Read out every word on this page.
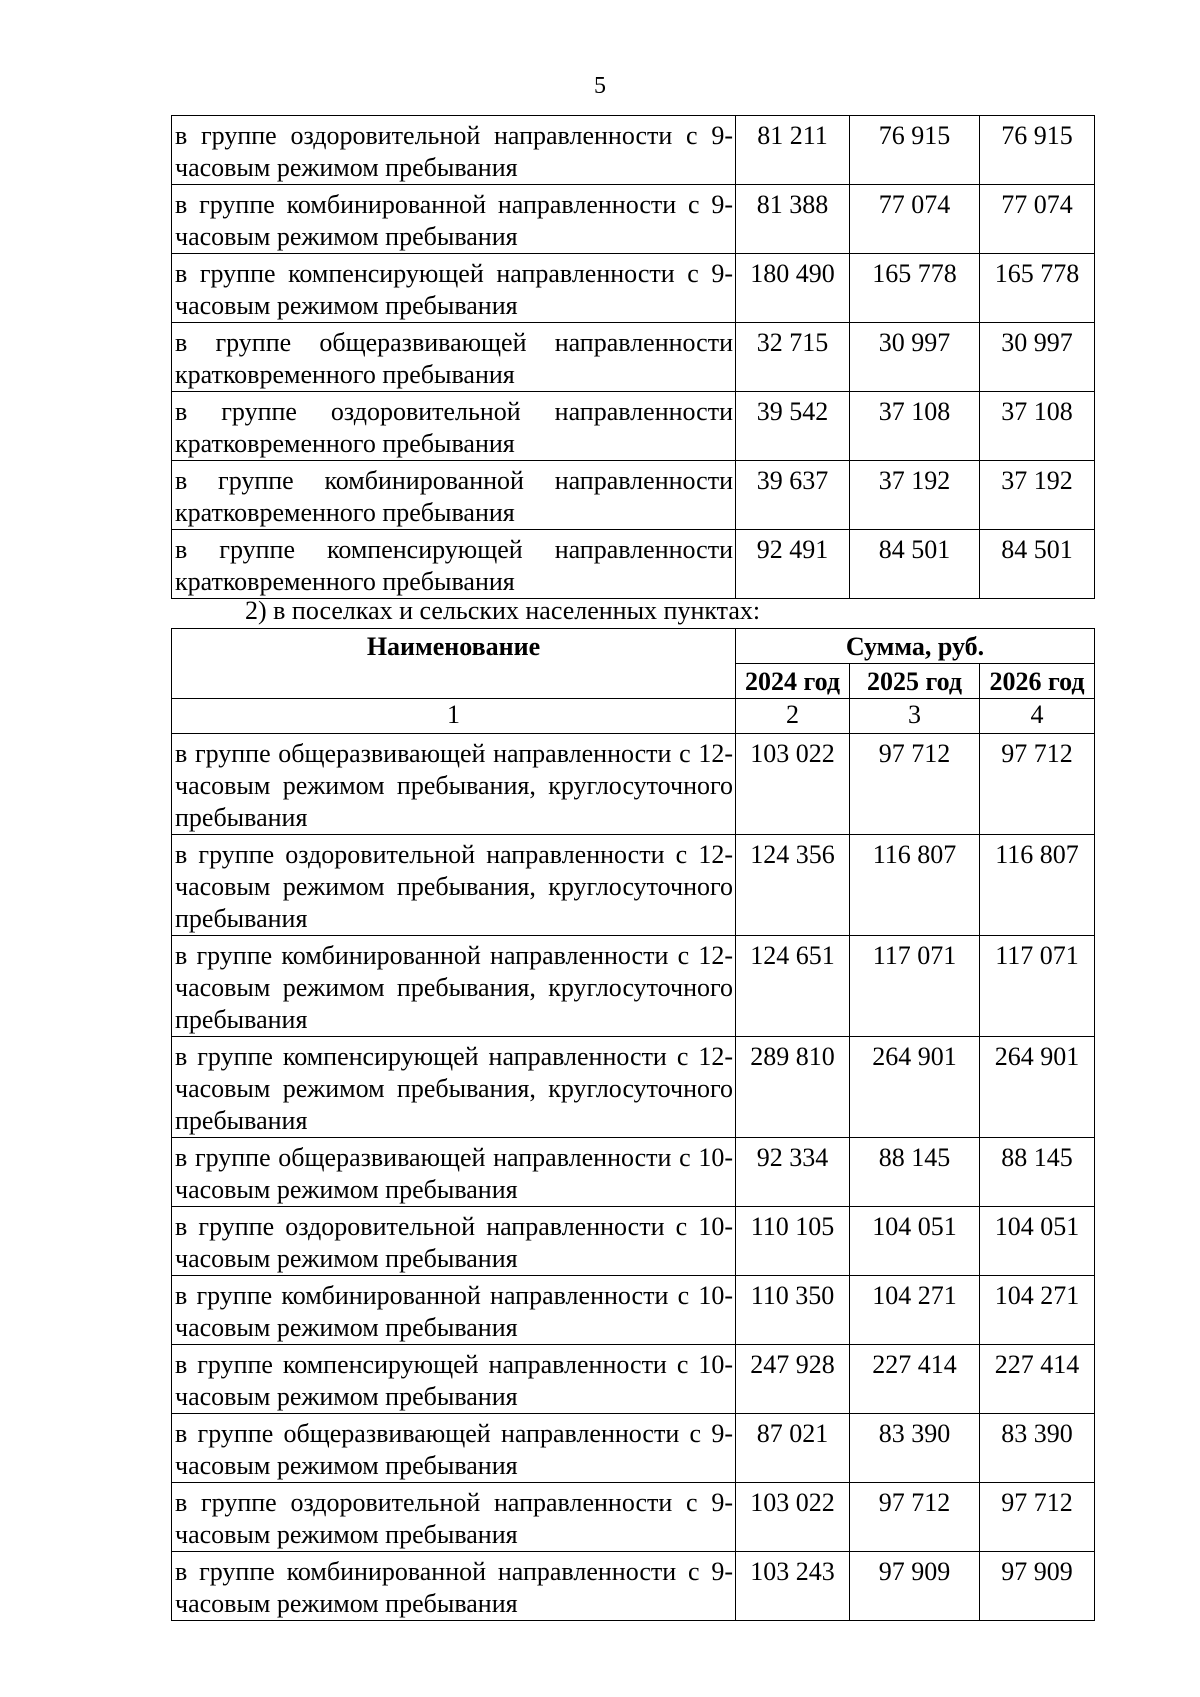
5
в группе оздоровительной направленности с 9-часовым режимом пребывания	81 211	76 915	76 915
в группе комбинированной направленности с 9-часовым режимом пребывания	81 388	77 074	77 074
в группе компенсирующей направленности с 9-часовым режимом пребывания	180 490	165 778	165 778
в группе общеразвивающей направленности кратковременного пребывания	32 715	30 997	30 997
в группе оздоровительной направленности кратковременного пребывания	39 542	37 108	37 108
в группе комбинированной направленности кратковременного пребывания	39 637	37 192	37 192
в группе компенсирующей направленности кратковременного пребывания	92 491	84 501	84 501
2) в поселках и сельских населенных пунктах:
Наименование	Сумма, руб.		
	2024 год	2025 год	2026 год
1	2	3	4
в группе общеразвивающей направленности с 12-часовым режимом пребывания, круглосуточного пребывания	103 022	97 712	97 712
в группе оздоровительной направленности с 12-часовым режимом пребывания, круглосуточного пребывания	124 356	116 807	116 807
в группе комбинированной направленности с 12-часовым режимом пребывания, круглосуточного пребывания	124 651	117 071	117 071
в группе компенсирующей направленности с 12-часовым режимом пребывания, круглосуточного пребывания	289 810	264 901	264 901
в группе общеразвивающей направленности с 10-часовым режимом пребывания	92 334	88 145	88 145
в группе оздоровительной направленности с 10-часовым режимом пребывания	110 105	104 051	104 051
в группе комбинированной направленности с 10-часовым режимом пребывания	110 350	104 271	104 271
в группе компенсирующей направленности с 10-часовым режимом пребывания	247 928	227 414	227 414
в группе общеразвивающей направленности с 9-часовым режимом пребывания	87 021	83 390	83 390
в группе оздоровительной направленности с 9-часовым режимом пребывания	103 022	97 712	97 712
в группе комбинированной направленности с 9-часовым режимом пребывания	103 243	97 909	97 909
